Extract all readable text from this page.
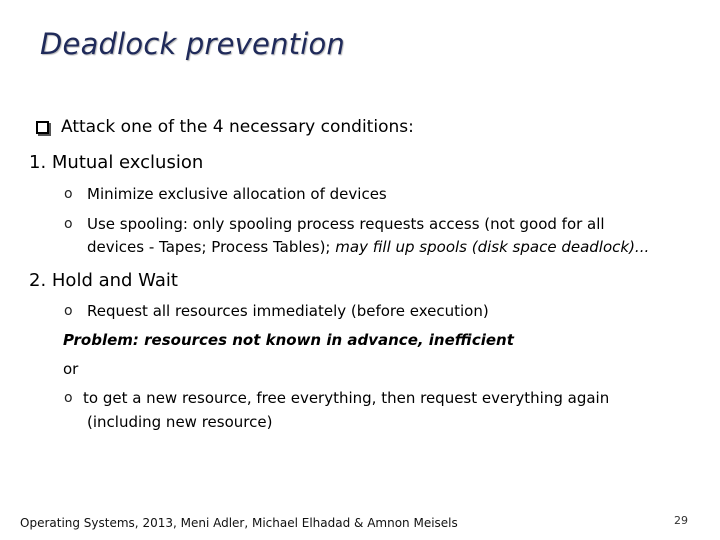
Deadlock prevention
Attack one of the 4 necessary conditions:
1. Mutual exclusion
o Minimize exclusive allocation of devices
o Use spooling: only spooling process requests access (not good for all
devices - Tapes; Process Tables); may fill up spools (disk space deadlock)...
2. Hold and Wait
o Request all resources immediately (before execution)
Problem: resources not known in advance, inefficient
or
o to get a new resource, free everything, then request everything again
(including new resource)
Operating Systems, 2013, Meni Adler, Michael Elhadad & Amnon Meisels	29
